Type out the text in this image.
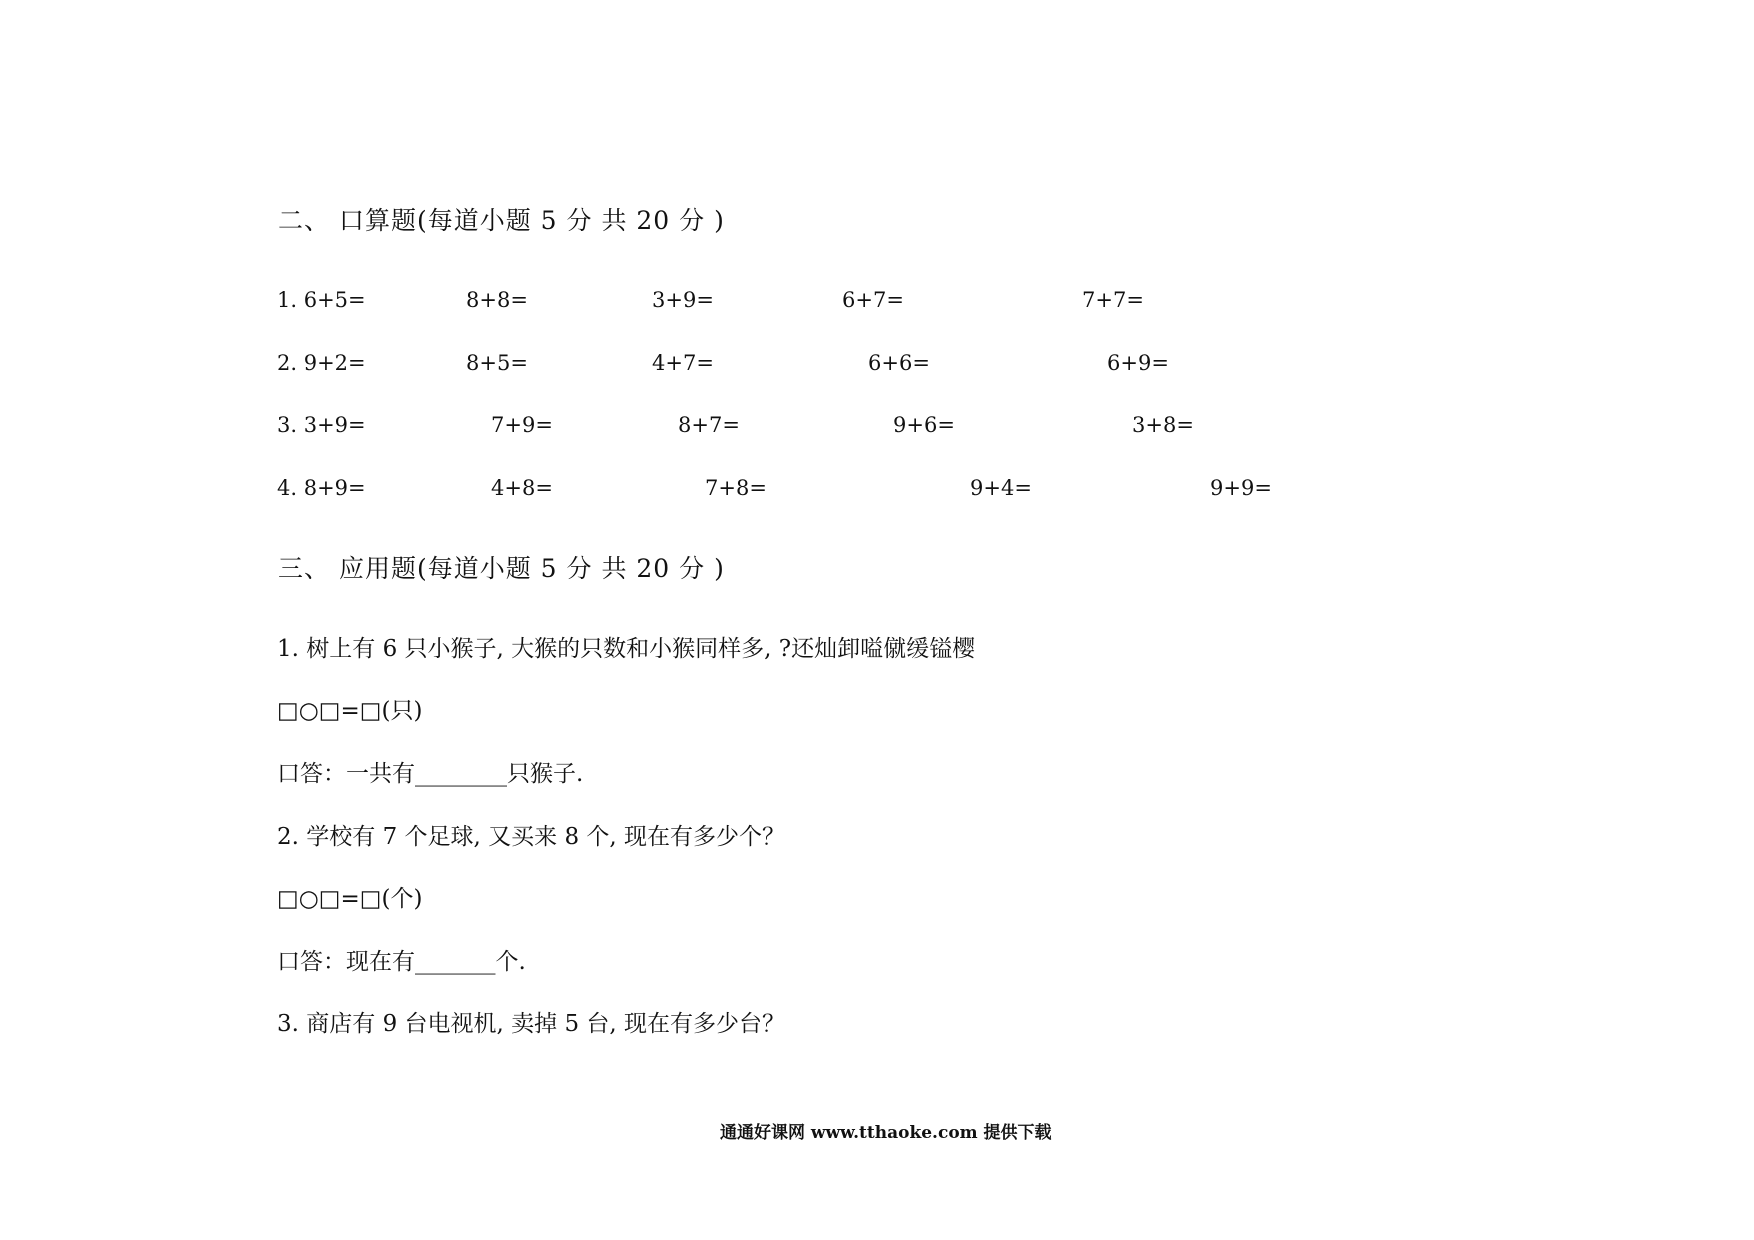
二、 口算题(每道小题 5 分 共 20 分 )
1. 6+5=	8+8=	3+9=	6+7=	7+7=
2. 9+2=	8+5=	4+7=	6+6=	6+9=
3. 3+9=	7+9=	8+7=	9+6=	3+8=
4. 8+9=	4+8=	7+8=	9+4=	9+9=
三、 应用题(每道小题 5 分 共 20 分 )
1. 树上有 6 只小猴子, 大猴的只数和小猴同样多, ?还灿卸嗌僦缓镒樱
□○□=□(只)
口答：一共有________只猴子.
2. 学校有 7 个足球, 又买来 8 个, 现在有多少个？
□○□=□(个)
口答：现在有_______个.
3. 商店有 9 台电视机, 卖掉 5 台, 现在有多少台？
通通好课网 www.tthaoke.com 提供下载
